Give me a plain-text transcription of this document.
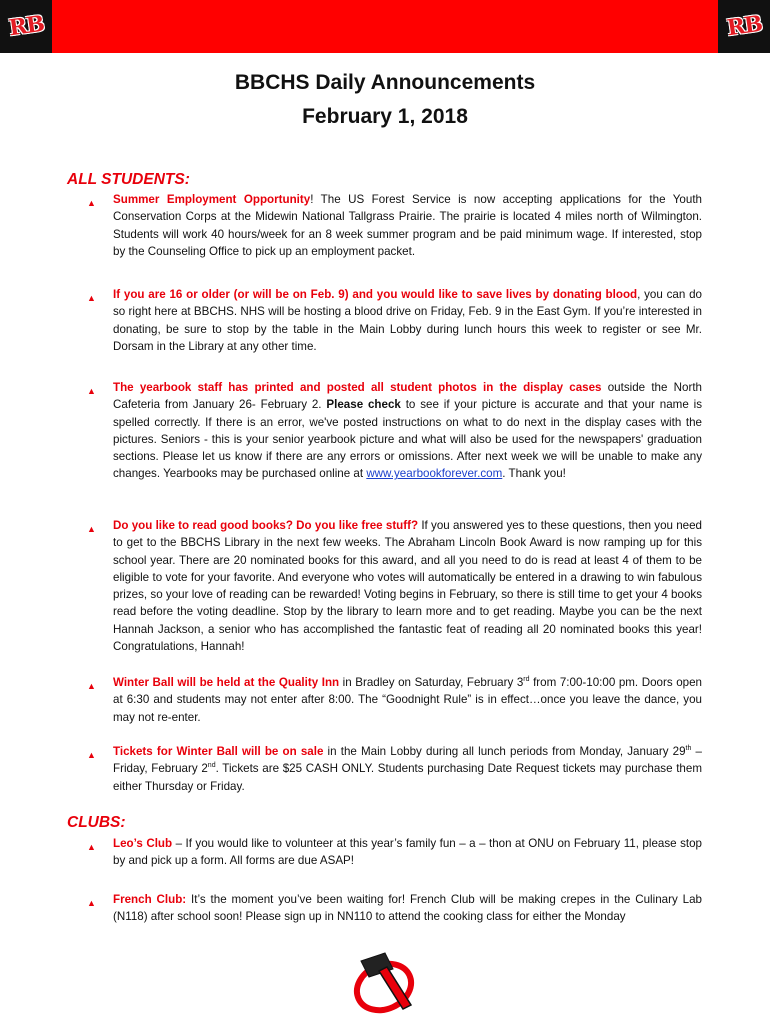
RB	RB
BBCHS Daily Announcements
February 1, 2018
ALL STUDENTS:
▲ Summer Employment Opportunity! The US Forest Service is now accepting applications for the Youth Conservation Corps at the Midewin National Tallgrass Prairie. The prairie is located 4 miles north of Wilmington. Students will work 40 hours/week for an 8 week summer program and be paid minimum wage. If interested, stop by the Counseling Office to pick up an employment packet.
▲ If you are 16 or older (or will be on Feb. 9) and you would like to save lives by donating blood, you can do so right here at BBCHS. NHS will be hosting a blood drive on Friday, Feb. 9 in the East Gym. If you’re interested in donating, be sure to stop by the table in the Main Lobby during lunch hours this week to register or see Mr. Dorsam in the Library at any other time.
▲ The yearbook staff has printed and posted all student photos in the display cases outside the North Cafeteria from January 26- February 2. Please check to see if your picture is accurate and that your name is spelled correctly. If there is an error, we've posted instructions on what to do next in the display cases with the pictures. Seniors - this is your senior yearbook picture and what will also be used for the newspapers' graduation sections. Please let us know if there are any errors or omissions. After next week we will be unable to make any changes. Yearbooks may be purchased online at www.yearbookforever.com. Thank you!
▲ Do you like to read good books? Do you like free stuff? If you answered yes to these questions, then you need to get to the BBCHS Library in the next few weeks. The Abraham Lincoln Book Award is now ramping up for this school year. There are 20 nominated books for this award, and all you need to do is read at least 4 of them to be eligible to vote for your favorite. And everyone who votes will automatically be entered in a drawing to win fabulous prizes, so your love of reading can be rewarded! Voting begins in February, so there is still time to get your 4 books read before the voting deadline. Stop by the library to learn more and to get reading. Maybe you can be the next Hannah Jackson, a senior who has accomplished the fantastic feat of reading all 20 nominated books this year! Congratulations, Hannah!
▲ Winter Ball will be held at the Quality Inn in Bradley on Saturday, February 3rd from 7:00-10:00 pm. Doors open at 6:30 and students may not enter after 8:00. The “Goodnight Rule” is in effect…once you leave the dance, you may not re-enter.
▲ Tickets for Winter Ball will be on sale in the Main Lobby during all lunch periods from Monday, January 29th – Friday, February 2nd. Tickets are $25 CASH ONLY. Students purchasing Date Request tickets may purchase them either Thursday or Friday.
CLUBS:
▲ Leo’s Club – If you would like to volunteer at this year’s family fun – a – thon at ONU on February 11, please stop by and pick up a form. All forms are due ASAP!
▲ French Club: It’s the moment you’ve been waiting for! French Club will be making crepes in the Culinary Lab (N118) after school soon! Please sign up in NN110 to attend the cooking class for either the Monday
